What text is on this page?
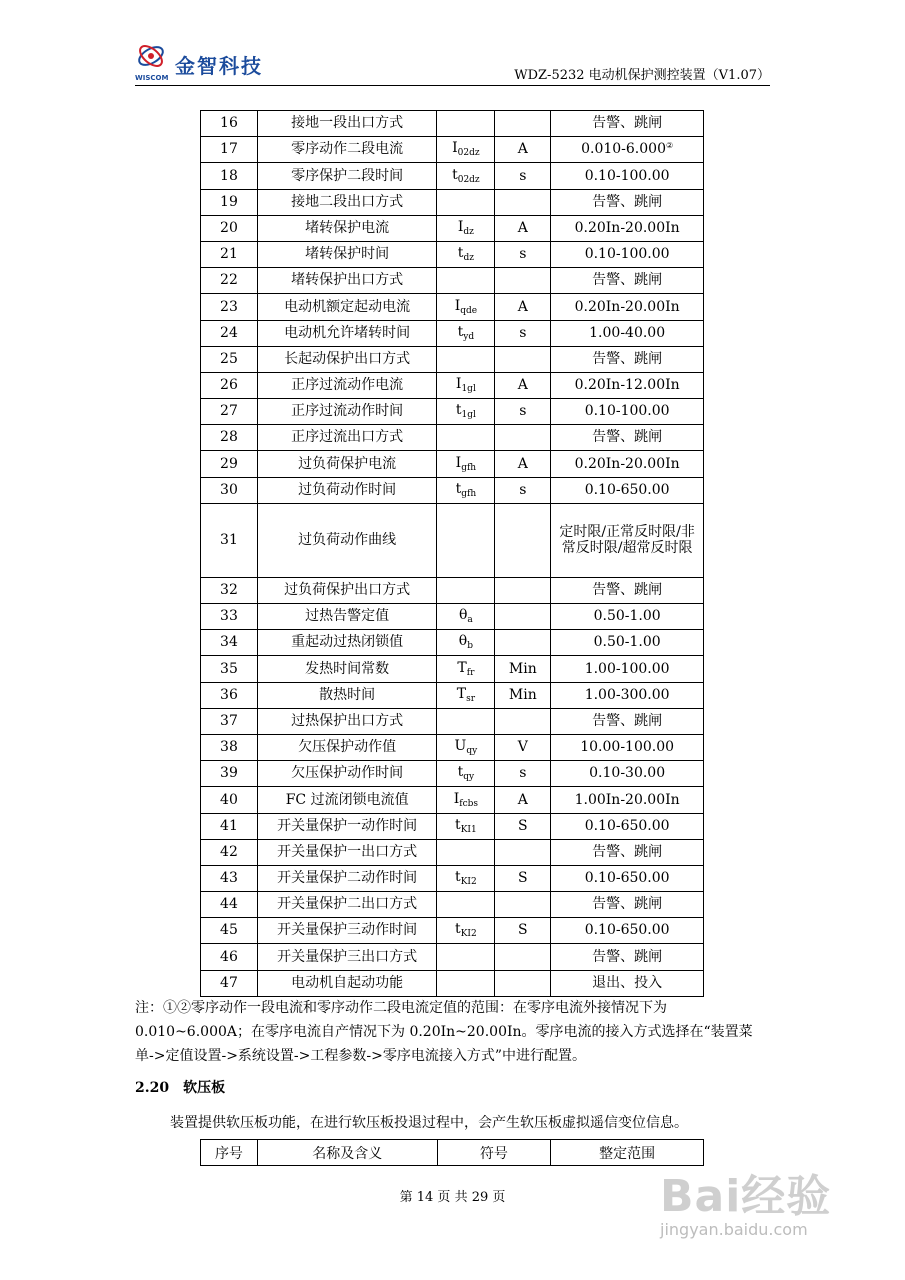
金智科技
WISCOM	WDZ-5232 电动机保护测控装置（V1.07）
16	接地一段出口方式			告警、跳闸
17	零序动作二段电流	$I_{02dz}$	A	0.010-6.000②
18	零序保护二段时间	$t_{02dz}$	s	0.10-100.00
19	接地二段出口方式			告警、跳闸
20	堵转保护电流	$I_{dz}$	A	0.20In-20.00In
21	堵转保护时间	$t_{dz}$	s	0.10-100.00
22	堵转保护出口方式			告警、跳闸
23	电动机额定起动电流	$I_{qde}$	A	0.20In-20.00In
24	电动机允许堵转时间	$t_{yd}$	s	1.00-40.00
25	长起动保护出口方式			告警、跳闸
26	正序过流动作电流	$I_{1gl}$	A	0.20In-12.00In
27	正序过流动作时间	$t_{1gl}$	s	0.10-100.00
28	正序过流出口方式			告警、跳闸
29	过负荷保护电流	$I_{gfh}$	A	0.20In-20.00In
30	过负荷动作时间	$t_{gfh}$	s	0.10-650.00
31	过负荷动作曲线			定时限/正常反时限/非常反时限/超常反时限
32	过负荷保护出口方式			告警、跳闸
33	过热告警定值	$\theta_a$		0.50-1.00
34	重起动过热闭锁值	$\theta_b$		0.50-1.00
35	发热时间常数	$T_{fr}$	Min	1.00-100.00
36	散热时间	$T_{sr}$	Min	1.00-300.00
37	过热保护出口方式			告警、跳闸
38	欠压保护动作值	$U_{qy}$	V	10.00-100.00
39	欠压保护动作时间	$t_{qy}$	s	0.10-30.00
40	FC 过流闭锁电流值	$I_{fcbs}$	A	1.00In-20.00In
41	开关量保护一动作时间	$t_{KI1}$	S	0.10-650.00
42	开关量保护一出口方式			告警、跳闸
43	开关量保护二动作时间	$t_{KI2}$	S	0.10-650.00
44	开关量保护二出口方式			告警、跳闸
45	开关量保护三动作时间	$t_{KI2}$	S	0.10-650.00
46	开关量保护三出口方式			告警、跳闸
47	电动机自起动功能			退出、投入
注：①②零序动作一段电流和零序动作二段电流定值的范围：在零序电流外接情况下为 0.010~6.000A；在零序电流自产情况下为 0.20In~20.00In。零序电流的接入方式选择在“装置菜单->定值设置->系统设置->工程参数->零序电流接入方式”中进行配置。
2.20 软压板
装置提供软压板功能，在进行软压板投退过程中，会产生软压板虚拟遥信变位信息。
序号	名称及含义	符号	整定范围
第 14 页 共 29 页	Bai经验
jingyan.baidu.com
